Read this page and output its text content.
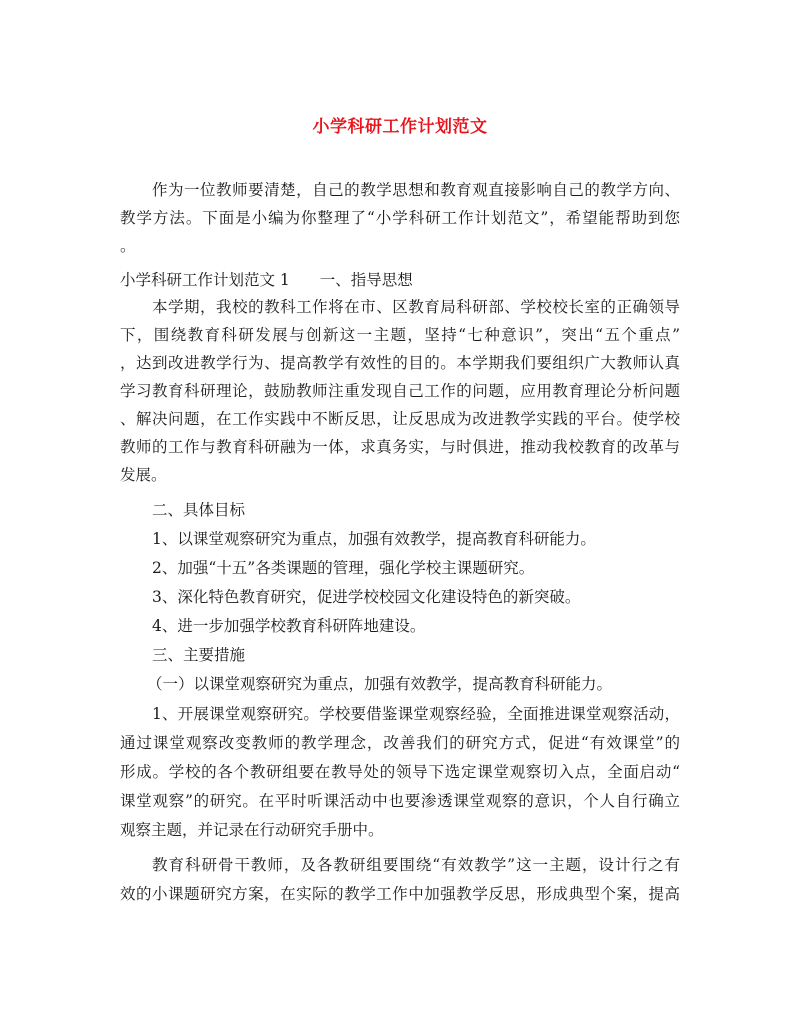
小学科研工作计划范文

作为一位教师要清楚，自己的教学思想和教育观直接影响自己的教学方向、

教学方法。下面是小编为你整理了“小学科研工作计划范文”，希望能帮助到您

。

小学科研工作计划范文 1 一、指导思想

本学期，我校的教科工作将在市、区教育局科研部、学校校长室的正确领导

下，围绕教育科研发展与创新这一主题，坚持“七种意识”，突出“五个重点”

，达到改进教学行为、提高教学有效性的目的。本学期我们要组织广大教师认真

学习教育科研理论，鼓励教师注重发现自己工作的问题，应用教育理论分析问题

、解决问题，在工作实践中不断反思，让反思成为改进教学实践的平台。使学校

教师的工作与教育科研融为一体，求真务实，与时俱进，推动我校教育的改革与

发展。

二、具体目标

1、以课堂观察研究为重点，加强有效教学，提高教育科研能力。

2、加强“十五”各类课题的管理，强化学校主课题研究。

3、深化特色教育研究，促进学校校园文化建设特色的新突破。

4、进一步加强学校教育科研阵地建设。

三、主要措施

（一）以课堂观察研究为重点，加强有效教学，提高教育科研能力。

1、开展课堂观察研究。学校要借鉴课堂观察经验，全面推进课堂观察活动，

通过课堂观察改变教师的教学理念，改善我们的研究方式，促进“有效课堂”的

形成。学校的各个教研组要在教导处的领导下选定课堂观察切入点，全面启动“

课堂观察”的研究。在平时听课活动中也要渗透课堂观察的意识，个人自行确立

观察主题，并记录在行动研究手册中。

教育科研骨干教师，及各教研组要围绕“有效教学”这一主题，设计行之有

效的小课题研究方案，在实际的教学工作中加强教学反思，形成典型个案，提高
